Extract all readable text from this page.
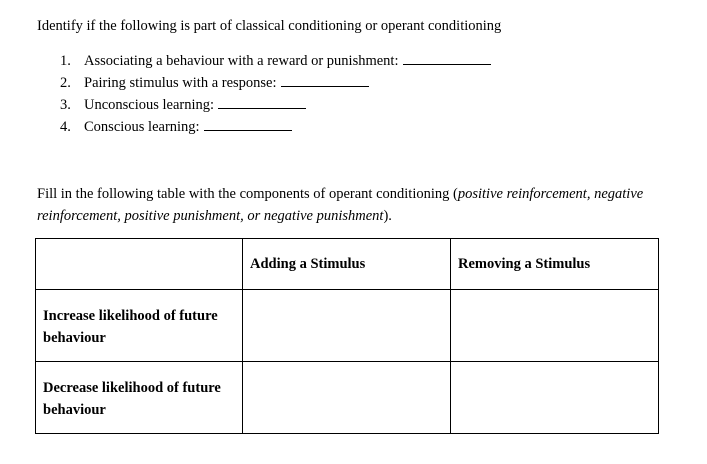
Identify if the following is part of classical conditioning or operant conditioning

1. Associating a behaviour with a reward or punishment:
2. Pairing stimulus with a response:
3. Unconscious learning:
4. Conscious learning:

Fill in the following table with the components of operant conditioning (positive reinforcement, negative reinforcement, positive punishment, or negative punishment).

	Adding a Stimulus	Removing a Stimulus
Increase likelihood of future behaviour		
Decrease likelihood of future behaviour		
